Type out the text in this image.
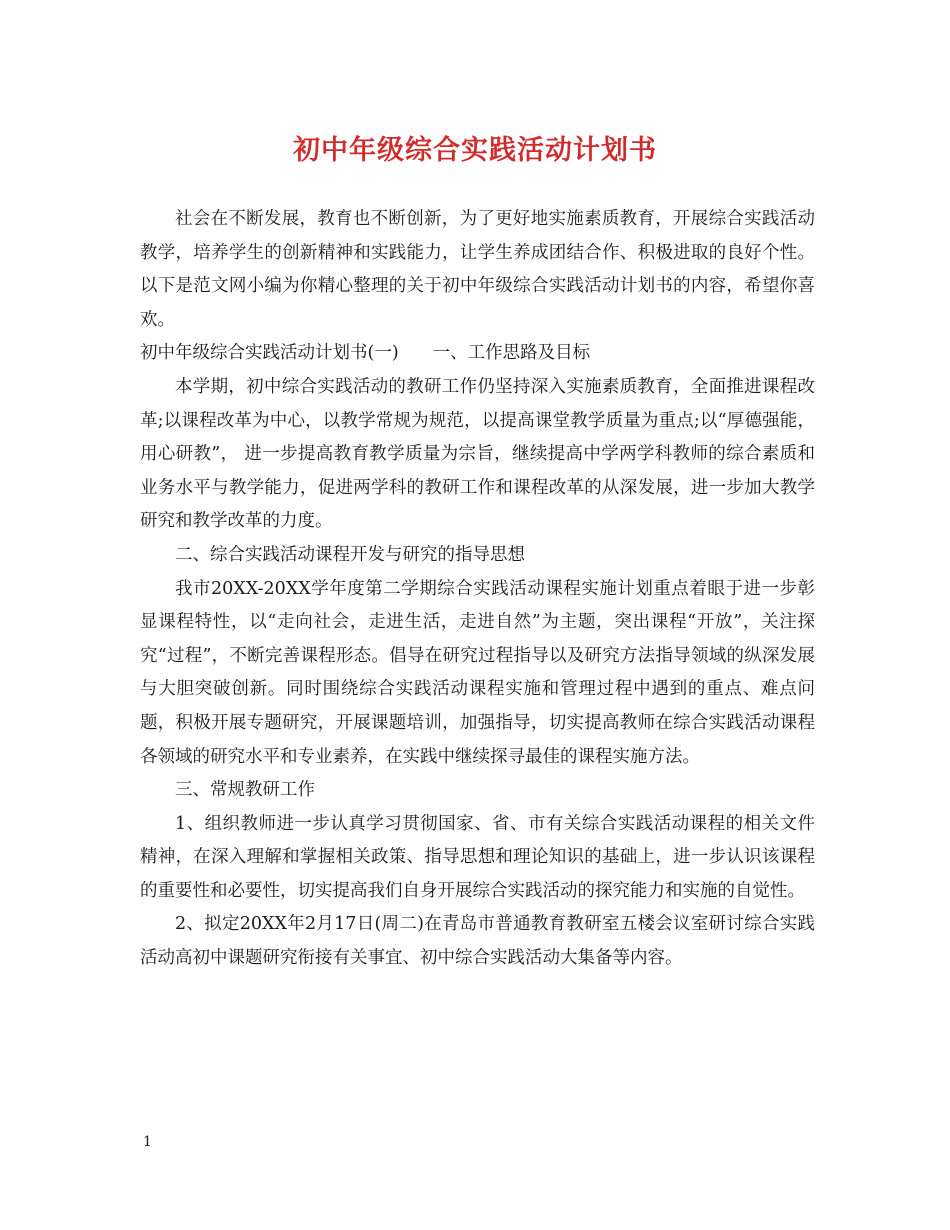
初中年级综合实践活动计划书

社会在不断发展，教育也不断创新，为了更好地实施素质教育，开展综合实践活动教学，培养学生的创新精神和实践能力，让学生养成团结合作、积极进取的良好个性。以下是范文网小编为你精心整理的关于初中年级综合实践活动计划书的内容，希望你喜欢。

初中年级综合实践活动计划书(一) 一、工作思路及目标

本学期，初中综合实践活动的教研工作仍坚持深入实施素质教育，全面推进课程改革;以课程改革为中心，以教学常规为规范，以提高课堂教学质量为重点;以“厚德强能，用心研教”， 进一步提高教育教学质量为宗旨，继续提高中学两学科教师的综合素质和业务水平与教学能力，促进两学科的教研工作和课程改革的从深发展，进一步加大教学研究和教学改革的力度。

二、综合实践活动课程开发与研究的指导思想

我市20XX-20XX学年度第二学期综合实践活动课程实施计划重点着眼于进一步彰显课程特性，以“走向社会，走进生活，走进自然”为主题，突出课程“开放”，关注探究“过程”，不断完善课程形态。倡导在研究过程指导以及研究方法指导领域的纵深发展与大胆突破创新。同时围绕综合实践活动课程实施和管理过程中遇到的重点、难点问题，积极开展专题研究，开展课题培训，加强指导，切实提高教师在综合实践活动课程各领域的研究水平和专业素养，在实践中继续探寻最佳的课程实施方法。

三、常规教研工作

1、组织教师进一步认真学习贯彻国家、省、市有关综合实践活动课程的相关文件精神，在深入理解和掌握相关政策、指导思想和理论知识的基础上，进一步认识该课程的重要性和必要性，切实提高我们自身开展综合实践活动的探究能力和实施的自觉性。

2、拟定20XX年2月17日(周二)在青岛市普通教育教研室五楼会议室研讨综合实践活动高初中课题研究衔接有关事宜、初中综合实践活动大集备等内容。

1
